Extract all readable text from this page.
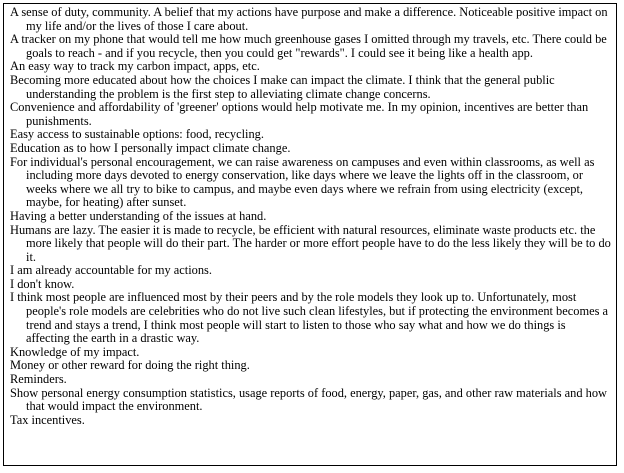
A sense of duty, community. A belief that my actions have purpose and make a difference. Noticeable positive impact on my life and/or the lives of those I care about.

A tracker on my phone that would tell me how much greenhouse gases I omitted through my travels, etc. There could be goals to reach - and if you recycle, then you could get "rewards". I could see it being like a health app.

An easy way to track my carbon impact, apps, etc.

Becoming more educated about how the choices I make can impact the climate. I think that the general public understanding the problem is the first step to alleviating climate change concerns.

Convenience and affordability of 'greener' options would help motivate me. In my opinion, incentives are better than punishments.

Easy access to sustainable options: food, recycling.

Education as to how I personally impact climate change.

For individual's personal encouragement, we can raise awareness on campuses and even within classrooms, as well as including more days devoted to energy conservation, like days where we leave the lights off in the classroom, or weeks where we all try to bike to campus, and maybe even days where we refrain from using electricity (except, maybe, for heating) after sunset.

Having a better understanding of the issues at hand.

Humans are lazy. The easier it is made to recycle, be efficient with natural resources, eliminate waste products etc. the more likely that people will do their part. The harder or more effort people have to do the less likely they will be to do it.

I am already accountable for my actions.

I don't know.

I think most people are influenced most by their peers and by the role models they look up to. Unfortunately, most people's role models are celebrities who do not live such clean lifestyles, but if protecting the environment becomes a trend and stays a trend, I think most people will start to listen to those who say what and how we do things is affecting the earth in a drastic way.

Knowledge of my impact.

Money or other reward for doing the right thing.

Reminders.

Show personal energy consumption statistics, usage reports of food, energy, paper, gas, and other raw materials and how that would impact the environment.

Tax incentives.
